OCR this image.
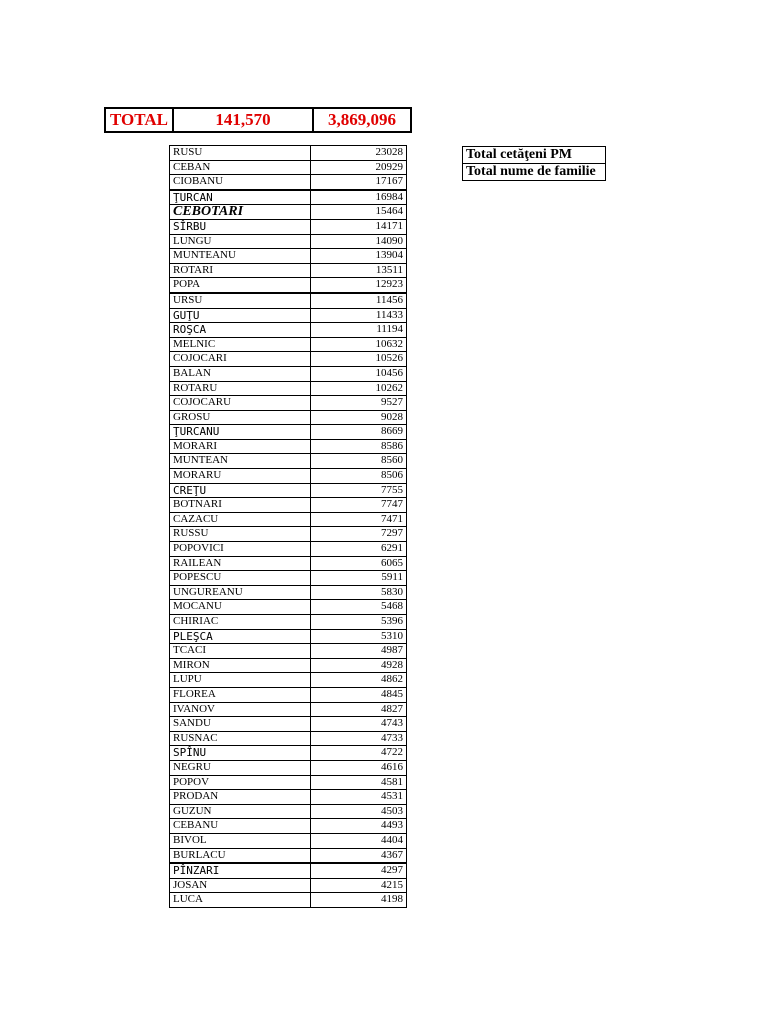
TOTAL	141,570	3,869,096
Total cetăţeni PM
Total nume de familie
RUSU	23028
CEBAN	20929
CIOBANU	17167
ŢURCAN	16984
CEBOTARI	15464
SÎRBU	14171
LUNGU	14090
MUNTEANU	13904
ROTARI	13511
POPA	12923
URSU	11456
GUŢU	11433
ROŞCA	11194
MELNIC	10632
COJOCARI	10526
BALAN	10456
ROTARU	10262
COJOCARU	9527
GROSU	9028
ŢURCANU	8669
MORARI	8586
MUNTEAN	8560
MORARU	8506
CREŢU	7755
BOTNARI	7747
CAZACU	7471
RUSSU	7297
POPOVICI	6291
RAILEAN	6065
POPESCU	5911
UNGUREANU	5830
MOCANU	5468
CHIRIAC	5396
PLEŞCA	5310
TCACI	4987
MIRON	4928
LUPU	4862
FLOREA	4845
IVANOV	4827
SANDU	4743
RUSNAC	4733
SPÎNU	4722
NEGRU	4616
POPOV	4581
PRODAN	4531
GUZUN	4503
CEBANU	4493
BIVOL	4404
BURLACU	4367
PÎNZARI	4297
JOSAN	4215
LUCA	4198
